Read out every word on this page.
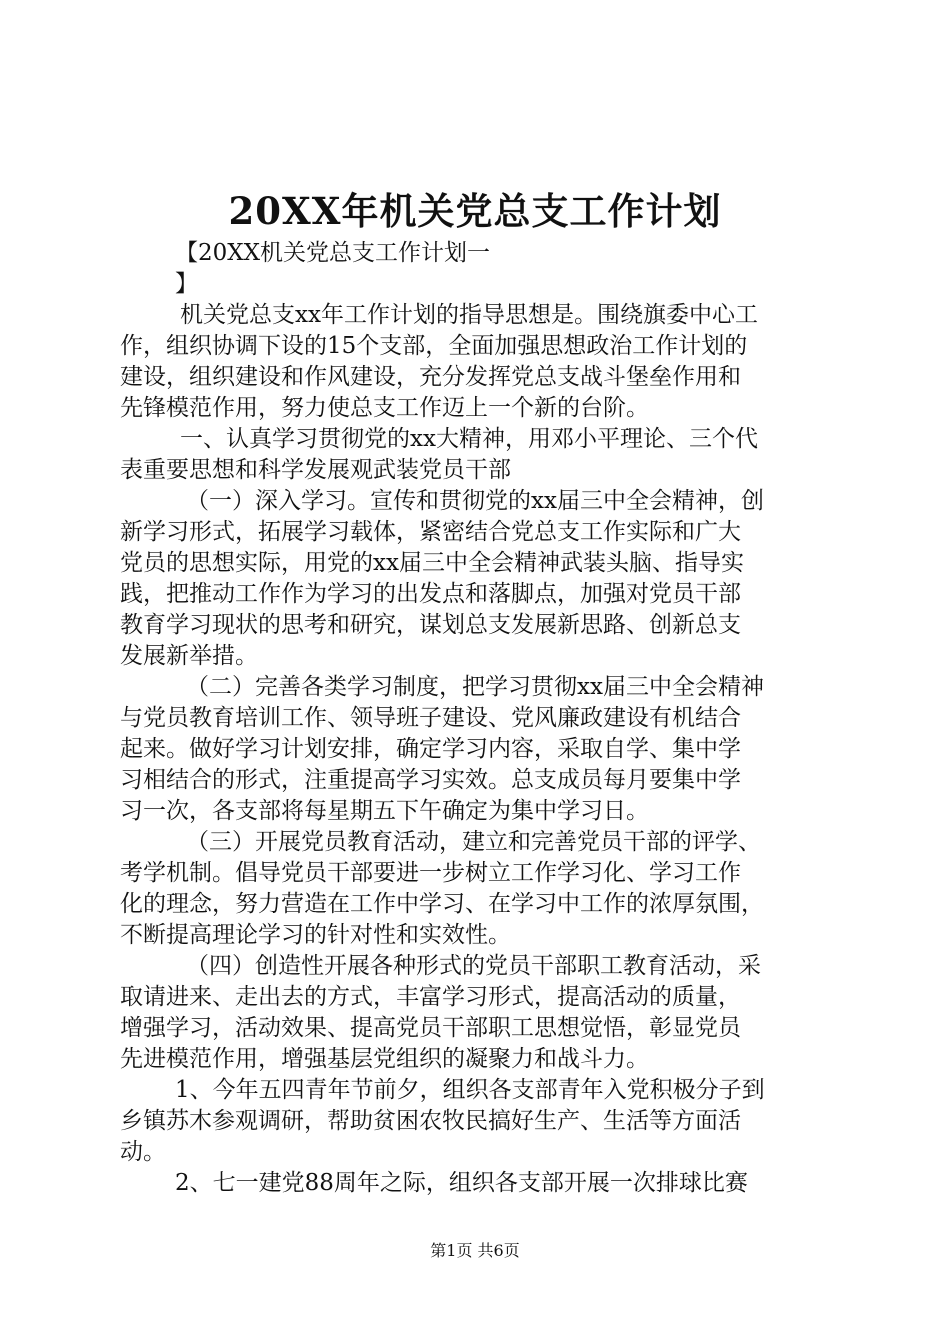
20XX年机关党总支工作计划
【20XX机关党总支工作计划一
】
机关党总支xx年工作计划的指导思想是。围绕旗委中心工
作，组织协调下设的15个支部，全面加强思想政治工作计划的
建设，组织建设和作风建设，充分发挥党总支战斗堡垒作用和
先锋模范作用，努力使总支工作迈上一个新的台阶。
一、认真学习贯彻党的xx大精神，用邓小平理论、三个代
表重要思想和科学发展观武装党员干部
（一）深入学习。宣传和贯彻党的xx届三中全会精神，创
新学习形式，拓展学习载体，紧密结合党总支工作实际和广大
党员的思想实际，用党的xx届三中全会精神武装头脑、指导实
践，把推动工作作为学习的出发点和落脚点，加强对党员干部
教育学习现状的思考和研究，谋划总支发展新思路、创新总支
发展新举措。
（二）完善各类学习制度，把学习贯彻xx届三中全会精神
与党员教育培训工作、领导班子建设、党风廉政建设有机结合
起来。做好学习计划安排，确定学习内容，采取自学、集中学
习相结合的形式，注重提高学习实效。总支成员每月要集中学
习一次，各支部将每星期五下午确定为集中学习日。
（三）开展党员教育活动，建立和完善党员干部的评学、
考学机制。倡导党员干部要进一步树立工作学习化、学习工作
化的理念，努力营造在工作中学习、在学习中工作的浓厚氛围，
不断提高理论学习的针对性和实效性。
（四）创造性开展各种形式的党员干部职工教育活动，采
取请进来、走出去的方式，丰富学习形式，提高活动的质量，
增强学习，活动效果、提高党员干部职工思想觉悟，彰显党员
先进模范作用，增强基层党组织的凝聚力和战斗力。
1、今年五四青年节前夕，组织各支部青年入党积极分子到
乡镇苏木参观调研，帮助贫困农牧民搞好生产、生活等方面活
动。
2、七一建党88周年之际，组织各支部开展一次排球比赛
第1页 共6页
